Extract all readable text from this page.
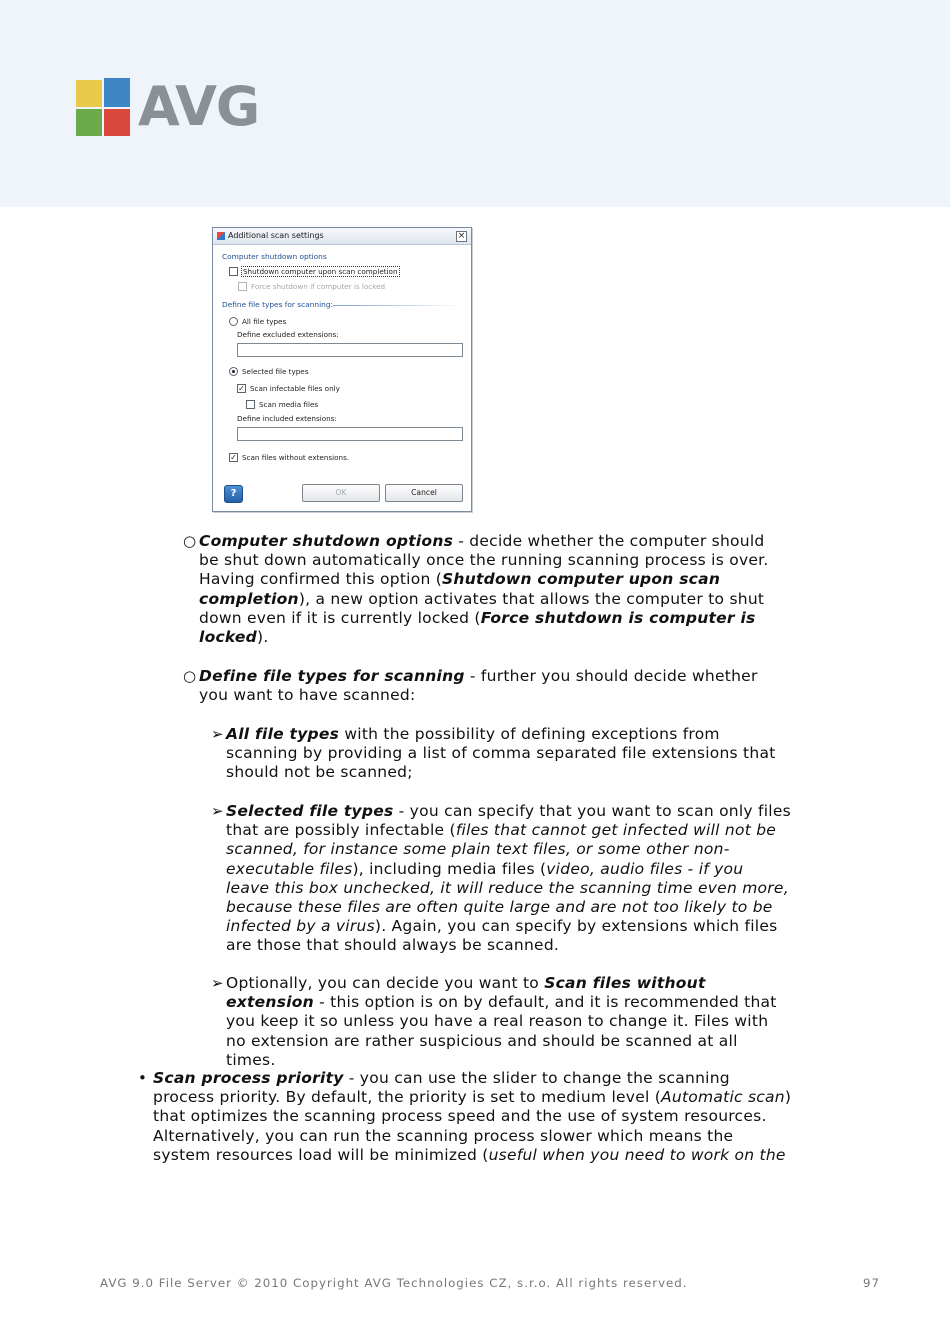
AVG
Additional scan settings	×
Computer shutdown options
Shutdown computer upon scan completion
Force shutdown if computer is locked
Define file types for scanning:
All file types
Define excluded extensions:
Selected file types
✓ Scan infectable files only
Scan media files
Define included extensions:
✓ Scan files without extensions.
?	OK	Cancel
○ Computer shutdown options - decide whether the computer should be shut down automatically once the running scanning process is over. Having confirmed this option (Shutdown computer upon scan completion), a new option activates that allows the computer to shut down even if it is currently locked (Force shutdown is computer is locked).
○ Define file types for scanning - further you should decide whether you want to have scanned:
➢ All file types with the possibility of defining exceptions from scanning by providing a list of comma separated file extensions that should not be scanned;
➢ Selected file types - you can specify that you want to scan only files that are possibly infectable (files that cannot get infected will not be scanned, for instance some plain text files, or some other non-executable files), including media files (video, audio files - if you leave this box unchecked, it will reduce the scanning time even more, because these files are often quite large and are not too likely to be infected by a virus). Again, you can specify by extensions which files are those that should always be scanned.
➢ Optionally, you can decide you want to Scan files without extension - this option is on by default, and it is recommended that you keep it so unless you have a real reason to change it. Files with no extension are rather suspicious and should be scanned at all times.
• Scan process priority - you can use the slider to change the scanning process priority. By default, the priority is set to medium level (Automatic scan) that optimizes the scanning process speed and the use of system resources. Alternatively, you can run the scanning process slower which means the system resources load will be minimized (useful when you need to work on the
AVG 9.0 File Server © 2010 Copyright AVG Technologies CZ, s.r.o. All rights reserved.	97
